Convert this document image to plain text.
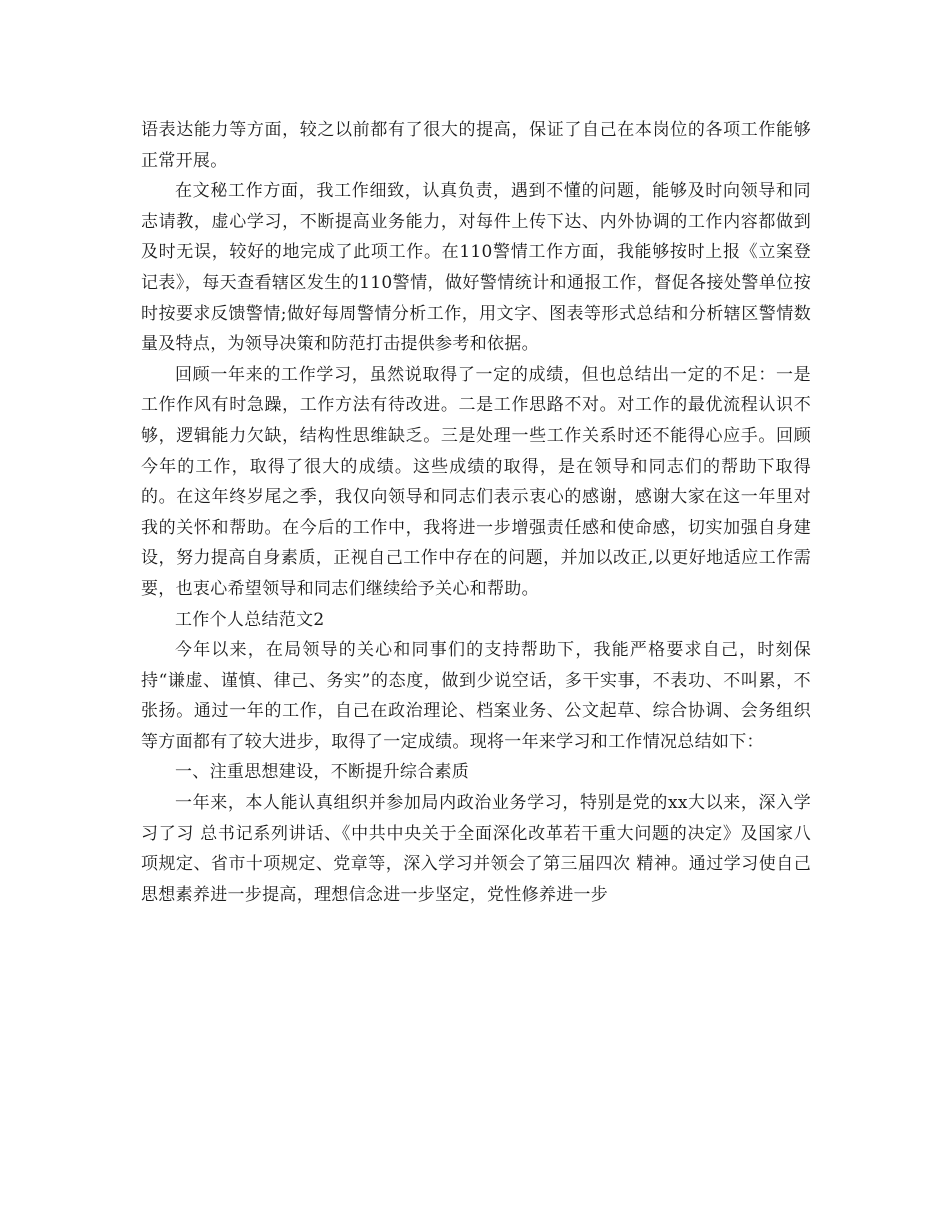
语表达能力等方面，较之以前都有了很大的提高，保证了自己在本岗位的各项工作能够正常开展。

在文秘工作方面，我工作细致，认真负责，遇到不懂的问题，能够及时向领导和同志请教，虚心学习，不断提高业务能力，对每件上传下达、内外协调的工作内容都做到及时无误，较好的地完成了此项工作。在110警情工作方面，我能够按时上报《立案登记表》，每天查看辖区发生的110警情，做好警情统计和通报工作，督促各接处警单位按时按要求反馈警情;做好每周警情分析工作，用文字、图表等形式总结和分析辖区警情数量及特点，为领导决策和防范打击提供参考和依据。

回顾一年来的工作学习，虽然说取得了一定的成绩，但也总结出一定的不足：一是工作作风有时急躁，工作方法有待改进。二是工作思路不对。对工作的最优流程认识不够，逻辑能力欠缺，结构性思维缺乏。三是处理一些工作关系时还不能得心应手。回顾今年的工作，取得了很大的成绩。这些成绩的取得，是在领导和同志们的帮助下取得的。在这年终岁尾之季，我仅向领导和同志们表示衷心的感谢，感谢大家在这一年里对我的关怀和帮助。在今后的工作中，我将进一步增强责任感和使命感，切实加强自身建设，努力提高自身素质，正视自己工作中存在的问题，并加以改正,以更好地适应工作需要，也衷心希望领导和同志们继续给予关心和帮助。

工作个人总结范文2

今年以来，在局领导的关心和同事们的支持帮助下，我能严格要求自己，时刻保持“谦虚、谨慎、律己、务实”的态度，做到少说空话，多干实事，不表功、不叫累，不张扬。通过一年的工作，自己在政治理论、档案业务、公文起草、综合协调、会务组织等方面都有了较大进步，取得了一定成绩。现将一年来学习和工作情况总结如下：

一、注重思想建设，不断提升综合素质

一年来，本人能认真组织并参加局内政治业务学习，特别是党的xx大以来，深入学习了习 总书记系列讲话、《中共中央关于全面深化改革若干重大问题的决定》及国家八项规定、省市十项规定、党章等，深入学习并领会了第三届四次 精神。通过学习使自己思想素养进一步提高，理想信念进一步坚定，党性修养进一步
